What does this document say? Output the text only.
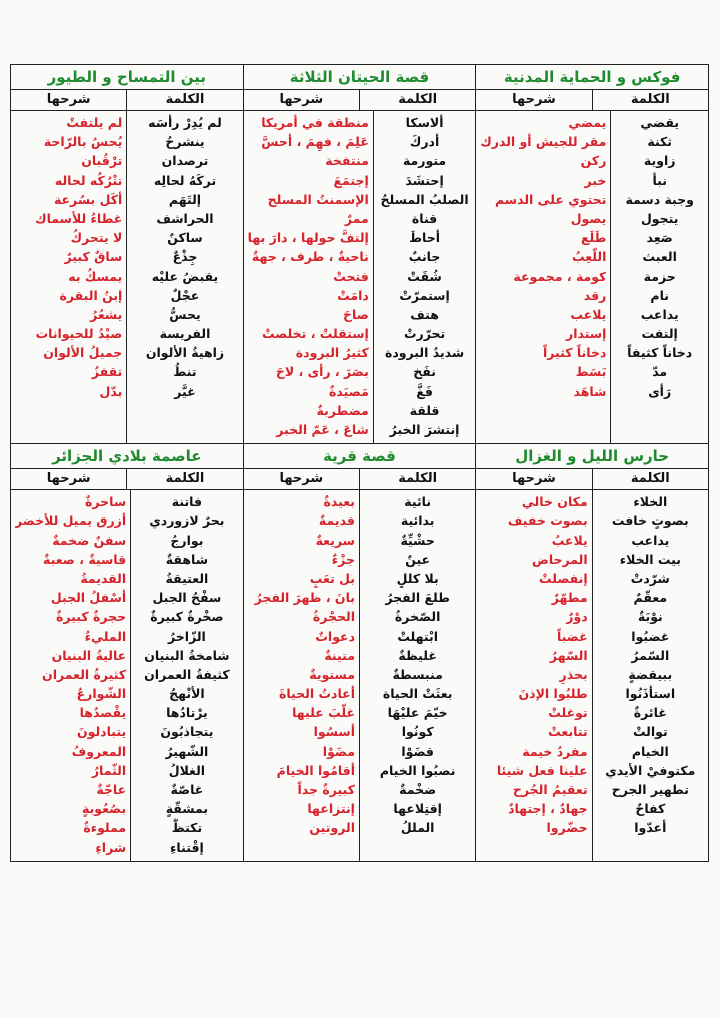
فوكس و الحماية المدنية
الكلمة
شرحها
يقضي
ثكنة
زاوية
نبأ
وجبة دسمة
يتجول
صَعِد
العبث
حزمة
نام
يداعب
إلتفت
دخاناً كثيفاً
مدّ
رَأى
يمضي
مقر للجيش أو الدرك
ركن
خبر
تحتوي على الدسم
يصول
طَلَع
اللّعِبُ
كومة ، مجموعة
رقد
يلاعب
إستدار
دخاناً كثيراً
بَسَط
شاهَد
قصة الحيتان الثلاثة
الكلمة
شرحها
ألاسكا
أدركَ
متورمة
إحتشَدَ
الصلبُ المسلحُ
قناة
أحاطَ
جانبٌ
شُقَتْ
إستمرّتْ
هتف
تحرّرتْ
شديدُ البرودة
نفَخ
فَغَّ
قلقة
إنتشرَ الخبرُ
منطقة في أمريكا
عَلِمَ ، فهِمَ ، أحسَّ
منتفخة
إجتمَعَ
الإسمنتُ المسلح
ممرٌ
إلتفَّ حولها ، دارَ بها
ناحيةٌ ، طرف ، جهةٌ
فتحتْ
دامَتْ
صاحَ
إستقلتْ ، تخلصتْ
كثيرُ البرودة
بصَرَ ، رأى ، لاحَ
مَصيَدةٌ
مضطربةٌ
شاعَ ، عَمّ الخبر
بين التمساح و الطيور
الكلمة
شرحها
لم يُدِرْ رأسَه
ينشرحُ
ترصدان
تركَهُ لحالِه
إلتَهَم
الحراشف
ساكنٌ
جِذْعٌ
يقبضُ عليْه
عجْلٌ
يحسُّ
الفريسة
زاهيةُ الألوان
تنطُ
غيَّر
لم يلتفتْ
يُحسُ بالرّاحة
ترْقُبان
تتْرُكُه لحاله
أكَل بسُرعة
غطاءُ للأسماك
لا يتحركُ
ساقٌ كبيرٌ
يمسكُ به
إبنُ البقرة
يشعُرُ
صيْدُ للحيوانات
جميلُ الألوان
تقفزُ
بدّل
حارس الليل و الغزال
الكلمة
شرحها
الخلاء
بصوتٍ خافت
يداعب
بيت الخلاء
شرّدتْ
معقّمٌ
نوْبَةٌ
غضبُوا
السّمرُ
ببيقضةٍ
استأذَنُوا
غائرةٌ
توالتْ
الخيام
مكتوفيْ الأيدي
تطهير الجرح
كفاحٌ
أعدّوا
مكان خالي
بصوت خفيف
يلاعبُ
المرحاض
إنفصلتْ
مطهّرٌ
دوْرٌ
غضباً
السّهرُ
بحذرٍ
طلبُوا الإذنَ
توغلتْ
تتابعتْ
مفردُ خيمة
علينا فعل شيئا
تعقيمُ الجُرح
جهادٌ ، إجتهادٌ
حضّروا
قصة قرية
الكلمة
شرحها
نائية
بدائية
حشْيِّةٌ
عينٌ
بلا كللٍ
طلعَ الفجرُ
الصّخرةُ
ابْتهلتْ
غليظةٌ
منبسطةٌ
بعثَتْ الحياة
خيّمَ عليْهَا
كونُوا
قضَوْا
نصبُوا الخيام
ضخْمةٌ
إقتِلاعها
المللُ
بعيدةٌ
قديمةٌ
سريعةٌ
جزْءٌ
بل تعَبٍ
بانَ ، ظهرَ الفجرُ
الحجْرةُ
دعواتٌ
متينةٌ
مستويةٌ
أعادتُ الحياةَ
غلّبَ عليها
أسسُوا
مضَوْا
أقامُوا الخيامَ
كبيرةٌ جداً
إنتزاعها
الروتين
عاصمة بلادي الجزائر
الكلمة
شرحها
فاتنة
بحرٌ لازوردي
بوارجُ
شاهقةٌ
العتيقةُ
سفْحُ الجبل
صخْرةٌ كبيرةٌ
الزّاخرُ
شامخةُ البنيان
كثيفةُ العمران
الأنْهجُ
يرْتادُها
يتجاذبُونَ
الشّهيرُ
الغلالُ
غاصّةٌ
بمشقّةٍ
تكتظُّ
إقْتناءِ
ساحرةٌ
أزرق يميل للأخضر
سفنٌ ضخمةٌ
قاسيةٌ ، صعبةٌ
القديمةُ
أسْفلُ الجبل
حجرةٌ كبيرةٌ
المليءُ
عاليةُ البنيان
كثيرةُ العمران
الشّوارعُ
يقْصدُها
يتبادلونَ
المعروفُ
الثّمارُ
عاجّةٌ
بصُعُوبةٍ
مملوءةٌ
شراءِ
